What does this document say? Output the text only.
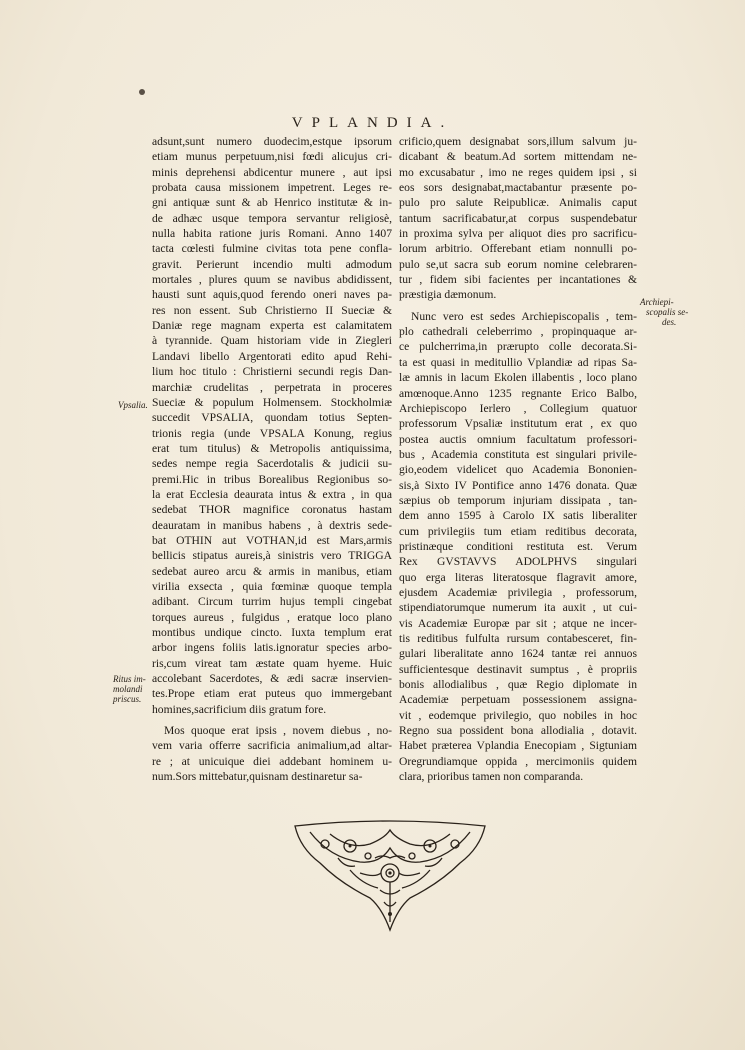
VPLANDIA.
adsunt,sunt numero duodecim,estque ipsorum
etiam munus perpetuum,nisi fœdi alicujus cri-
minis deprehensi abdicentur munere , aut ipsi
probata causa missionem impetrent. Leges re-
gni antiquæ sunt & ab Henrico institutæ & in-
de adhæc usque tempora servantur religiosè,
nulla habita ratione juris Romani. Anno 1407
tacta cœlesti fulmine civitas tota pene confla-
gravit. Perierunt incendio multi admodum
mortales , plures quum se navibus abdidissent,
hausti sunt aquis,quod ferendo oneri naves pa-
res non essent. Sub Christierno II Sueciæ &
Daniæ rege magnam experta est calamitatem
à tyrannide. Quam historiam vide in Ziegleri
Landavi libello Argentorati edito apud Rehi-
lium hoc titulo : Christierni secundi regis Dan-
marchiæ crudelitas , perpetrata in proceres
Sueciæ & populum Holmensem. Stockholmiæ
succedit VPSALIA, quondam totius Septen-
trionis regia (unde VPSALA Konung, regius
erat tum titulus) & Metropolis antiquissima,
sedes nempe regia Sacerdotalis & judicii su-
premi.Hic in tribus Borealibus Regionibus so-
la erat Ecclesia deaurata intus & extra , in qua
sedebat THOR magnifice coronatus hastam
deauratam in manibus habens , à dextris sede-
bat OTHIN aut VOTHAN,id est Mars,armis
bellicis stipatus aureis,à sinistris vero TRIGGA
sedebat aureo arcu & armis in manibus, etiam
virilia exsecta , quia fœminæ quoque templa
adibant. Circum turrim hujus templi cingebat
torques aureus , fulgidus , eratque loco plano
montibus undique cincto. Iuxta templum erat
arbor ingens foliis latis.ignoratur species arbo-
ris,cum vireat tam æstate quam hyeme. Huic
accolebant Sacerdotes, & ædi sacræ inservien-
tes.Prope etiam erat puteus quo immergebant
homines,sacrificium diis gratum fore.
Mos quoque erat ipsis , novem diebus , no-
vem varia offerre sacrificia animalium,ad altar-
re ; at unicuique diei addebant hominem u-
num.Sors mittebatur,quisnam destinaretur sa-
crificio,quem designabat sors,illum salvum ju-
dicabant & beatum.Ad sortem mittendam ne-
mo excusabatur , imo ne reges quidem ipsi , si
eos sors designabat,mactabantur præsente po-
pulo pro salute Reipublicæ. Animalis caput
tantum sacrificabatur,at corpus suspendebatur
in proxima sylva per aliquot dies pro sacrificu-
lorum arbitrio. Offerebant etiam nonnulli po-
pulo se,ut sacra sub eorum nomine celebraren-
tur , fidem sibi facientes per incantationes &
præstigia dæmonum.
Nunc vero est sedes Archiepiscopalis , tem-
plo cathedrali celeberrimo , propinquaque ar-
ce pulcherrima,in prærupto colle decorata.Si-
ta est quasi in meditullio Vplandiæ ad ripas Sa-
læ amnis in lacum Ekolen illabentis , loco plano
amœnoque.Anno 1235 regnante Erico Balbo,
Archiepiscopo Ierlero , Collegium quatuor
professorum Vpsaliæ institutum erat , ex quo
postea auctis omnium facultatum professori-
bus , Academia constituta est singulari privile-
gio,eodem videlicet quo Academia Bononien-
sis,à Sixto IV Pontifice anno 1476 donata. Quæ
sæpius ob temporum injuriam dissipata , tan-
dem anno 1595 à Carolo IX satis liberaliter
cum privilegiis tum etiam reditibus decorata,
pristinæque conditioni restituta est. Verum
Rex GVSTAVVS ADOLPHVS singulari
quo erga literas literatosque flagravit amore,
ejusdem Academiæ privilegia , professorum,
stipendiatorumque numerum ita auxit , ut cui-
vis Academiæ Europæ par sit ; atque ne incer-
tis reditibus fulfulta rursum contabesceret, fin-
gulari liberalitate anno 1624 tantæ rei annuos
sufficientesque destinavit sumptus , è propriis
bonis allodialibus , quæ Regio diplomate in
Academiæ perpetuam possessionem assigna-
vit , eodemque privilegio, quo nobiles in hoc
Regno sua possident bona allodialia , dotavit.
Habet præterea Vplandia Enecopiam , Sigtuniam
Oregrundiamque oppida , mercimoniis quidem
clara, prioribus tamen non comparanda.
Vpsalia.
Ritus im-
molandi
priscus.
Archiepi-
scopalis se-
des.
